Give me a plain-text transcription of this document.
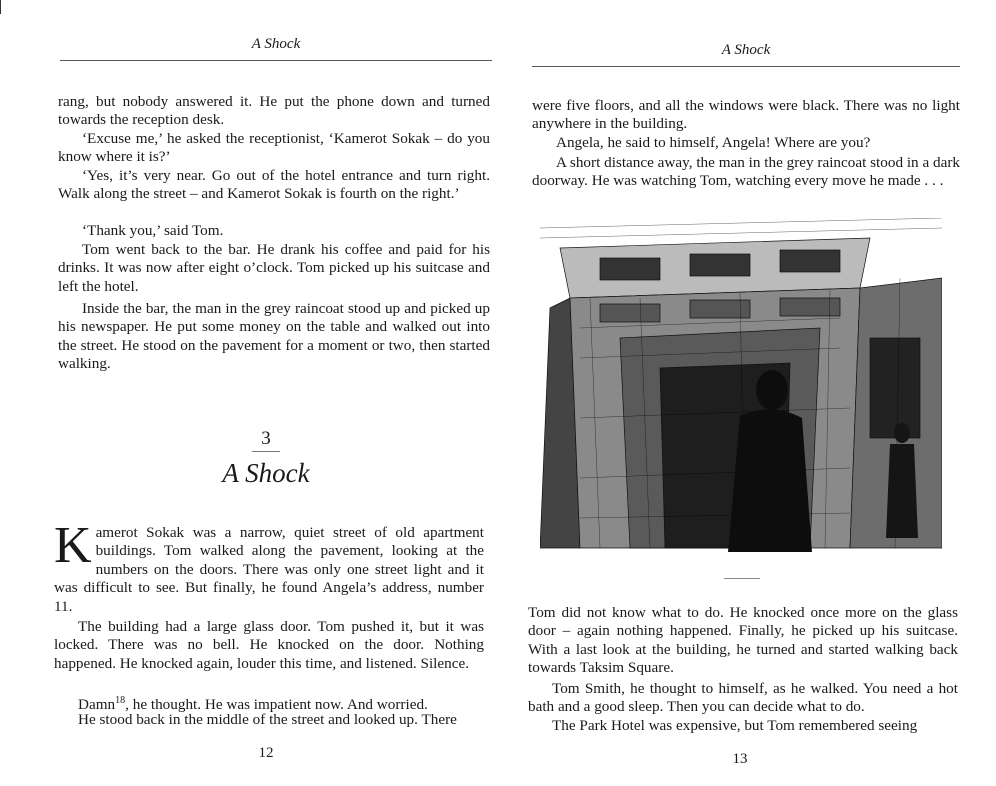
A Shock
rang, but nobody answered it. He put the phone down and turned towards the reception desk.
‘Excuse me,’ he asked the receptionist, ‘Kamerot Sokak – do you know where it is?’
‘Yes, it’s very near. Go out of the hotel entrance and turn right. Walk along the street – and Kamerot Sokak is fourth on the right.’
‘Thank you,’ said Tom.
Tom went back to the bar. He drank his coffee and paid for his drinks. It was now after eight o’clock. Tom picked up his suitcase and left the hotel.
Inside the bar, the man in the grey raincoat stood up and picked up his newspaper. He put some money on the table and walked out into the street. He stood on the pavement for a moment or two, then started walking.
3
A Shock
Kamerot Sokak was a narrow, quiet street of old apartment buildings. Tom walked along the pavement, looking at the numbers on the doors. There was only one street light and it was difficult to see. But finally, he found Angela’s address, number 11.
The building had a large glass door. Tom pushed it, but it was locked. There was no bell. He knocked on the door. Nothing happened. He knocked again, louder this time, and listened. Silence.
Damn$^{18}$, he thought. He was impatient now. And worried.
He stood back in the middle of the street and looked up. There
12
A Shock
were five floors, and all the windows were black. There was no light anywhere in the building.
Angela, he said to himself, Angela! Where are you?
A short distance away, the man in the grey raincoat stood in a dark doorway. He was watching Tom, watching every move he made . . .
Tom did not know what to do. He knocked once more on the glass door – again nothing happened. Finally, he picked up his suitcase. With a last look at the building, he turned and started walking back towards Taksim Square.
Tom Smith, he thought to himself, as he walked. You need a hot bath and a good sleep. Then you can decide what to do.
The Park Hotel was expensive, but Tom remembered seeing
13
